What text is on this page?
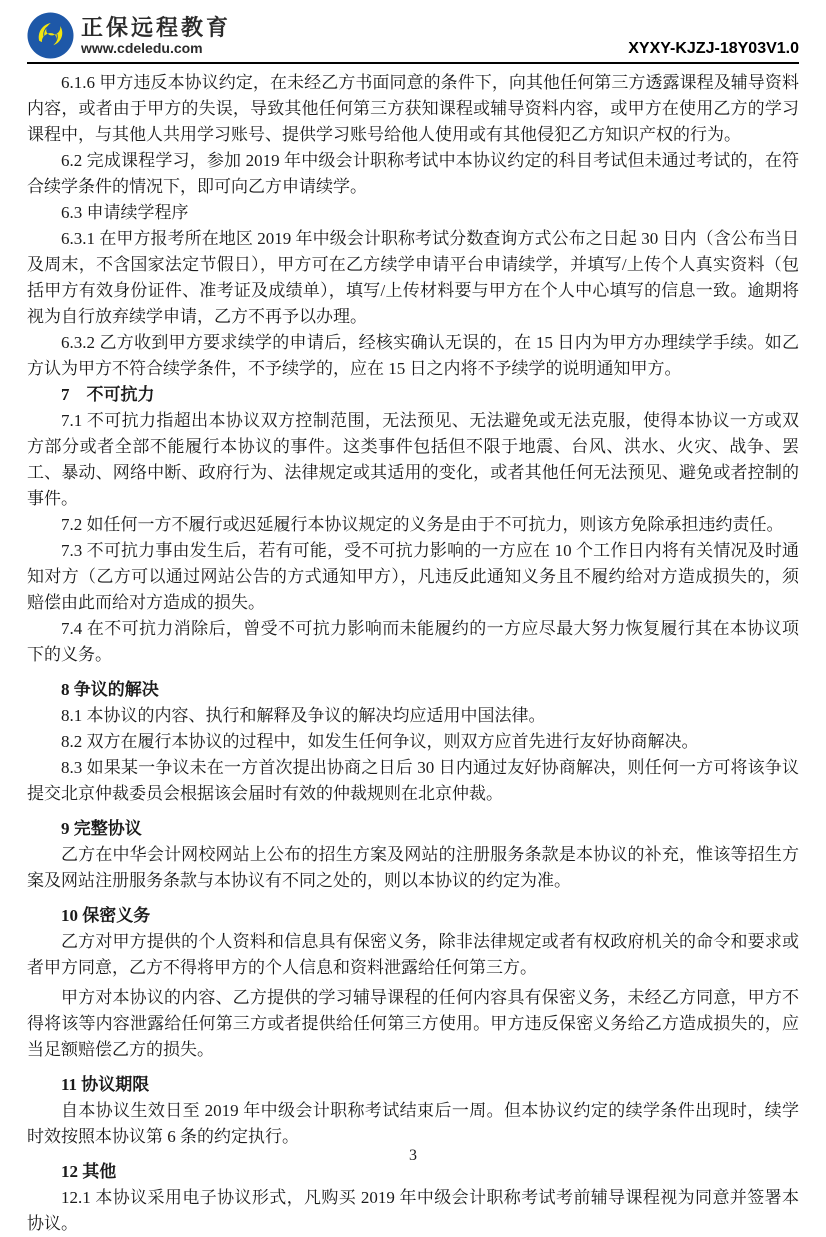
正保远程教育
www.cdeledu.com	XYXY-KJZJ-18Y03V1.0

6.1.6 甲方违反本协议约定，在未经乙方书面同意的条件下，向其他任何第三方透露课程及辅导资料内容，或者由于甲方的失误，导致其他任何第三方获知课程或辅导资料内容，或甲方在使用乙方的学习课程中，与其他人共用学习账号、提供学习账号给他人使用或有其他侵犯乙方知识产权的行为。

6.2 完成课程学习，参加 2019 年中级会计职称考试中本协议约定的科目考试但未通过考试的，在符合续学条件的情况下，即可向乙方申请续学。

6.3 申请续学程序

6.3.1 在甲方报考所在地区 2019 年中级会计职称考试分数查询方式公布之日起 30 日内（含公布当日及周末，不含国家法定节假日），甲方可在乙方续学申请平台申请续学，并填写/上传个人真实资料（包括甲方有效身份证件、准考证及成绩单），填写/上传材料要与甲方在个人中心填写的信息一致。逾期将视为自行放弃续学申请，乙方不再予以办理。

6.3.2 乙方收到甲方要求续学的申请后，经核实确认无误的，在 15 日内为甲方办理续学手续。如乙方认为甲方不符合续学条件，不予续学的，应在 15 日之内将不予续学的说明通知甲方。

7　不可抗力

7.1 不可抗力指超出本协议双方控制范围，无法预见、无法避免或无法克服，使得本协议一方或双方部分或者全部不能履行本协议的事件。这类事件包括但不限于地震、台风、洪水、火灾、战争、罢工、暴动、网络中断、政府行为、法律规定或其适用的变化，或者其他任何无法预见、避免或者控制的事件。

7.2 如任何一方不履行或迟延履行本协议规定的义务是由于不可抗力，则该方免除承担违约责任。

7.3 不可抗力事由发生后，若有可能，受不可抗力影响的一方应在 10 个工作日内将有关情况及时通知对方（乙方可以通过网站公告的方式通知甲方），凡违反此通知义务且不履约给对方造成损失的，须赔偿由此而给对方造成的损失。

7.4 在不可抗力消除后，曾受不可抗力影响而未能履约的一方应尽最大努力恢复履行其在本协议项下的义务。

8 争议的解决

8.1 本协议的内容、执行和解释及争议的解决均应适用中国法律。

8.2 双方在履行本协议的过程中，如发生任何争议，则双方应首先进行友好协商解决。

8.3 如果某一争议未在一方首次提出协商之日后 30 日内通过友好协商解决，则任何一方可将该争议提交北京仲裁委员会根据该会届时有效的仲裁规则在北京仲裁。

9 完整协议

乙方在中华会计网校网站上公布的招生方案及网站的注册服务条款是本协议的补充，惟该等招生方案及网站注册服务条款与本协议有不同之处的，则以本协议的约定为准。

10 保密义务

乙方对甲方提供的个人资料和信息具有保密义务，除非法律规定或者有权政府机关的命令和要求或者甲方同意，乙方不得将甲方的个人信息和资料泄露给任何第三方。

甲方对本协议的内容、乙方提供的学习辅导课程的任何内容具有保密义务，未经乙方同意，甲方不得将该等内容泄露给任何第三方或者提供给任何第三方使用。甲方违反保密义务给乙方造成损失的，应当足额赔偿乙方的损失。

11 协议期限

自本协议生效日至 2019 年中级会计职称考试结束后一周。但本协议约定的续学条件出现时，续学时效按照本协议第 6 条的约定执行。

12 其他

12.1 本协议采用电子协议形式，凡购买 2019 年中级会计职称考试考前辅导课程视为同意并签署本协议。

3
